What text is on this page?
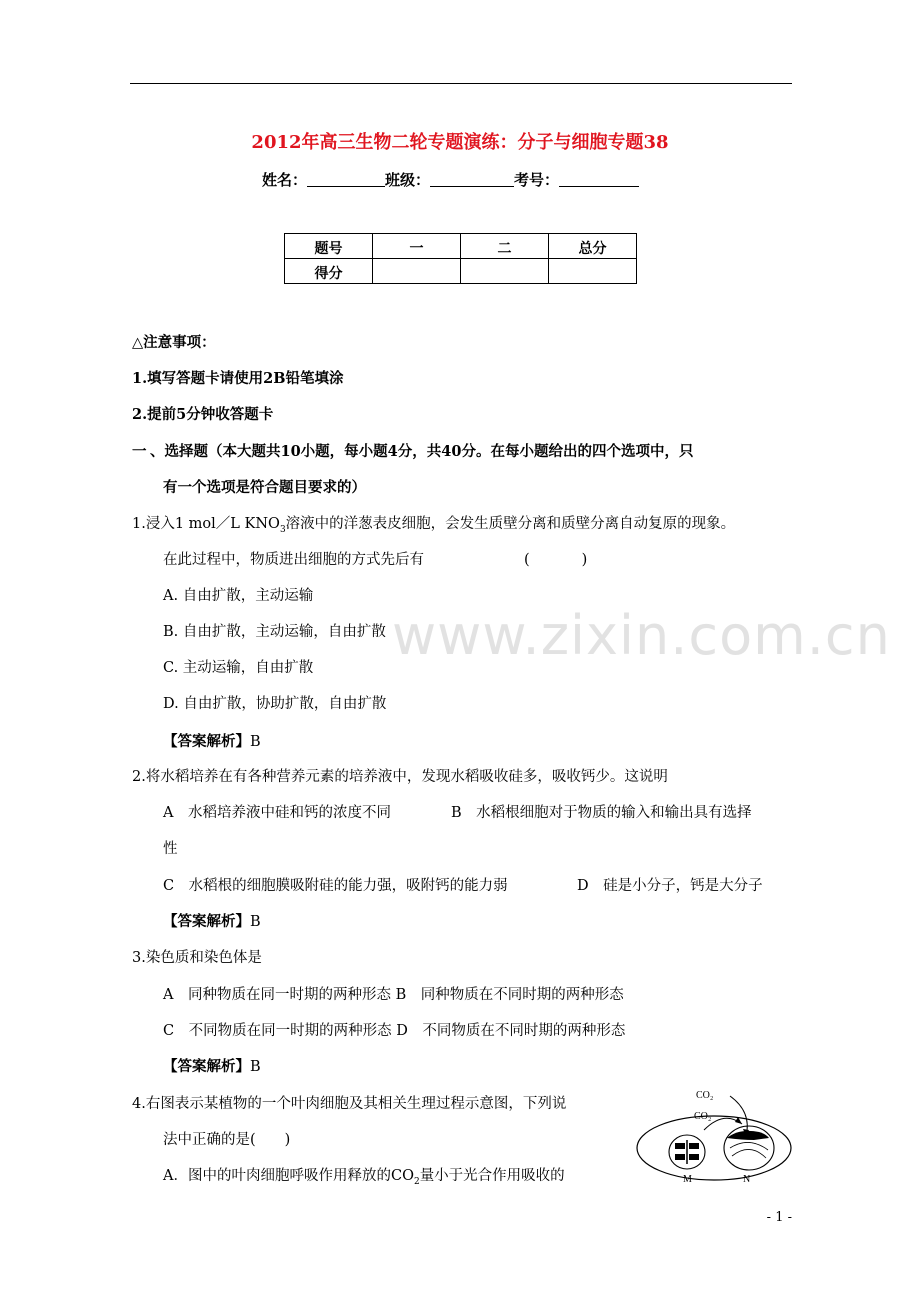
2012年高三生物二轮专题演练：分子与细胞专题38
姓名：	班级：	考号：
题号	一	二	总分
得分			
△注意事项：
1.填写答题卡请使用2B铅笔填涂
2.提前5分钟收答题卡
一 、选择题（本大题共10小题，每小题4分，共40分。在每小题给出的四个选项中，只
有一个选项是符合题目要求的）
1.浸入1 mol／L $KNO_3$溶液中的洋葱表皮细胞，会发生质壁分离和质壁分离自动复原的现象。
在此过程中，物质进出细胞的方式先后有	(	)
A. 自由扩散，主动运输
B. 自由扩散，主动运输，自由扩散
C. 主动运输，自由扩散
D. 自由扩散，协助扩散，自由扩散
【答案解析】B
2.将水稻培养在有各种营养元素的培养液中，发现水稻吸收硅多，吸收钙少。这说明
A　水稻培养液中硅和钙的浓度不同	B　水稻根细胞对于物质的输入和输出具有选择
性
C　水稻根的细胞膜吸附硅的能力强，吸附钙的能力弱	D　硅是小分子，钙是大分子
【答案解析】B
3.染色质和染色体是
A　同种物质在同一时期的两种形态 B　同种物质在不同时期的两种形态
C　不同物质在同一时期的两种形态 D　不同物质在不同时期的两种形态
【答案解析】B
4.右图表示某植物的一个叶肉细胞及其相关生理过程示意图，下列说
法中正确的是(　　)
A．图中的叶肉细胞呼吸作用释放的$CO_2$量小于光合作用吸收的
CO₂
CO₂
M	N
www.zixin.com.cn
- 1 -
